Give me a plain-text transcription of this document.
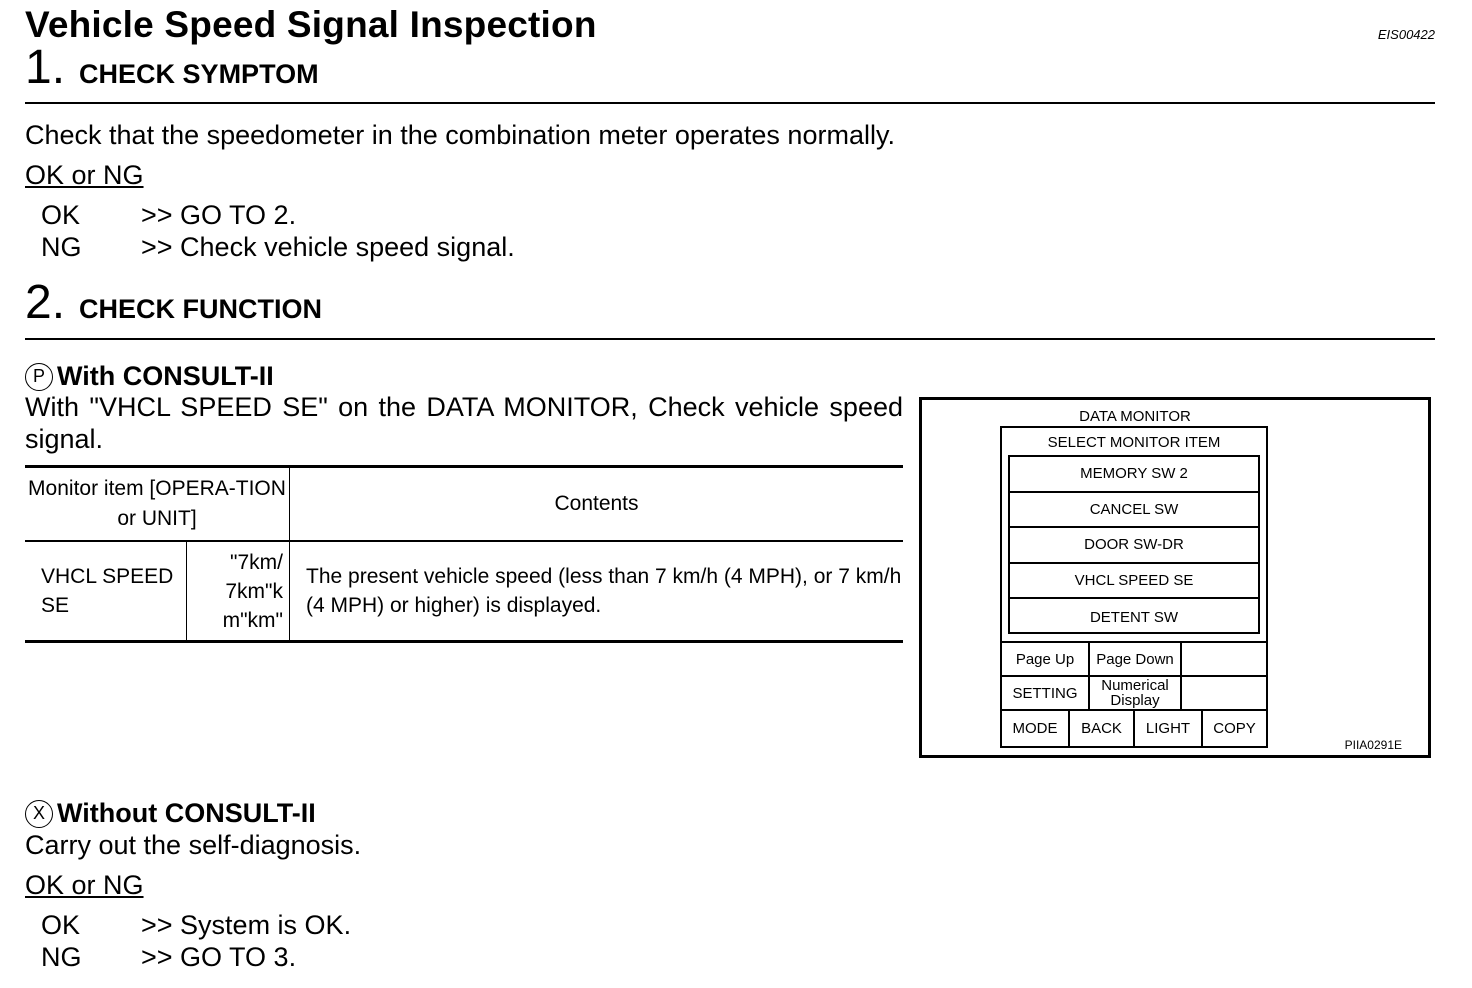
Vehicle Speed Signal Inspection	EIS00422
1 . CHECK SYMPTOM
Check that the speedometer in the combination meter operates normally.
OK or NG
OK	>> GO TO 2.
NG	>> Check vehicle speed signal.
2 . CHECK FUNCTION
P With CONSULT-II
With "VHCL SPEED SE" on the DATA MONITOR, Check vehicle speed signal.
Monitor item [OPERA-TION or UNIT]		Contents
VHCL SPEED SE	"7km/ 7km"k m"km"	The present vehicle speed (less than 7 km/h (4 MPH), or 7 km/h (4 MPH) or higher) is displayed.
DATA MONITOR
SELECT MONITOR ITEM
MEMORY SW 2
CANCEL SW
DOOR SW-DR
VHCL SPEED SE
DETENT SW
Page Up	Page Down
SETTING	Numerical Display
MODE	BACK	LIGHT	COPY
PIIA0291E
X Without CONSULT-II
Carry out the self-diagnosis.
OK or NG
OK	>> System is OK.
NG	>> GO TO 3.
